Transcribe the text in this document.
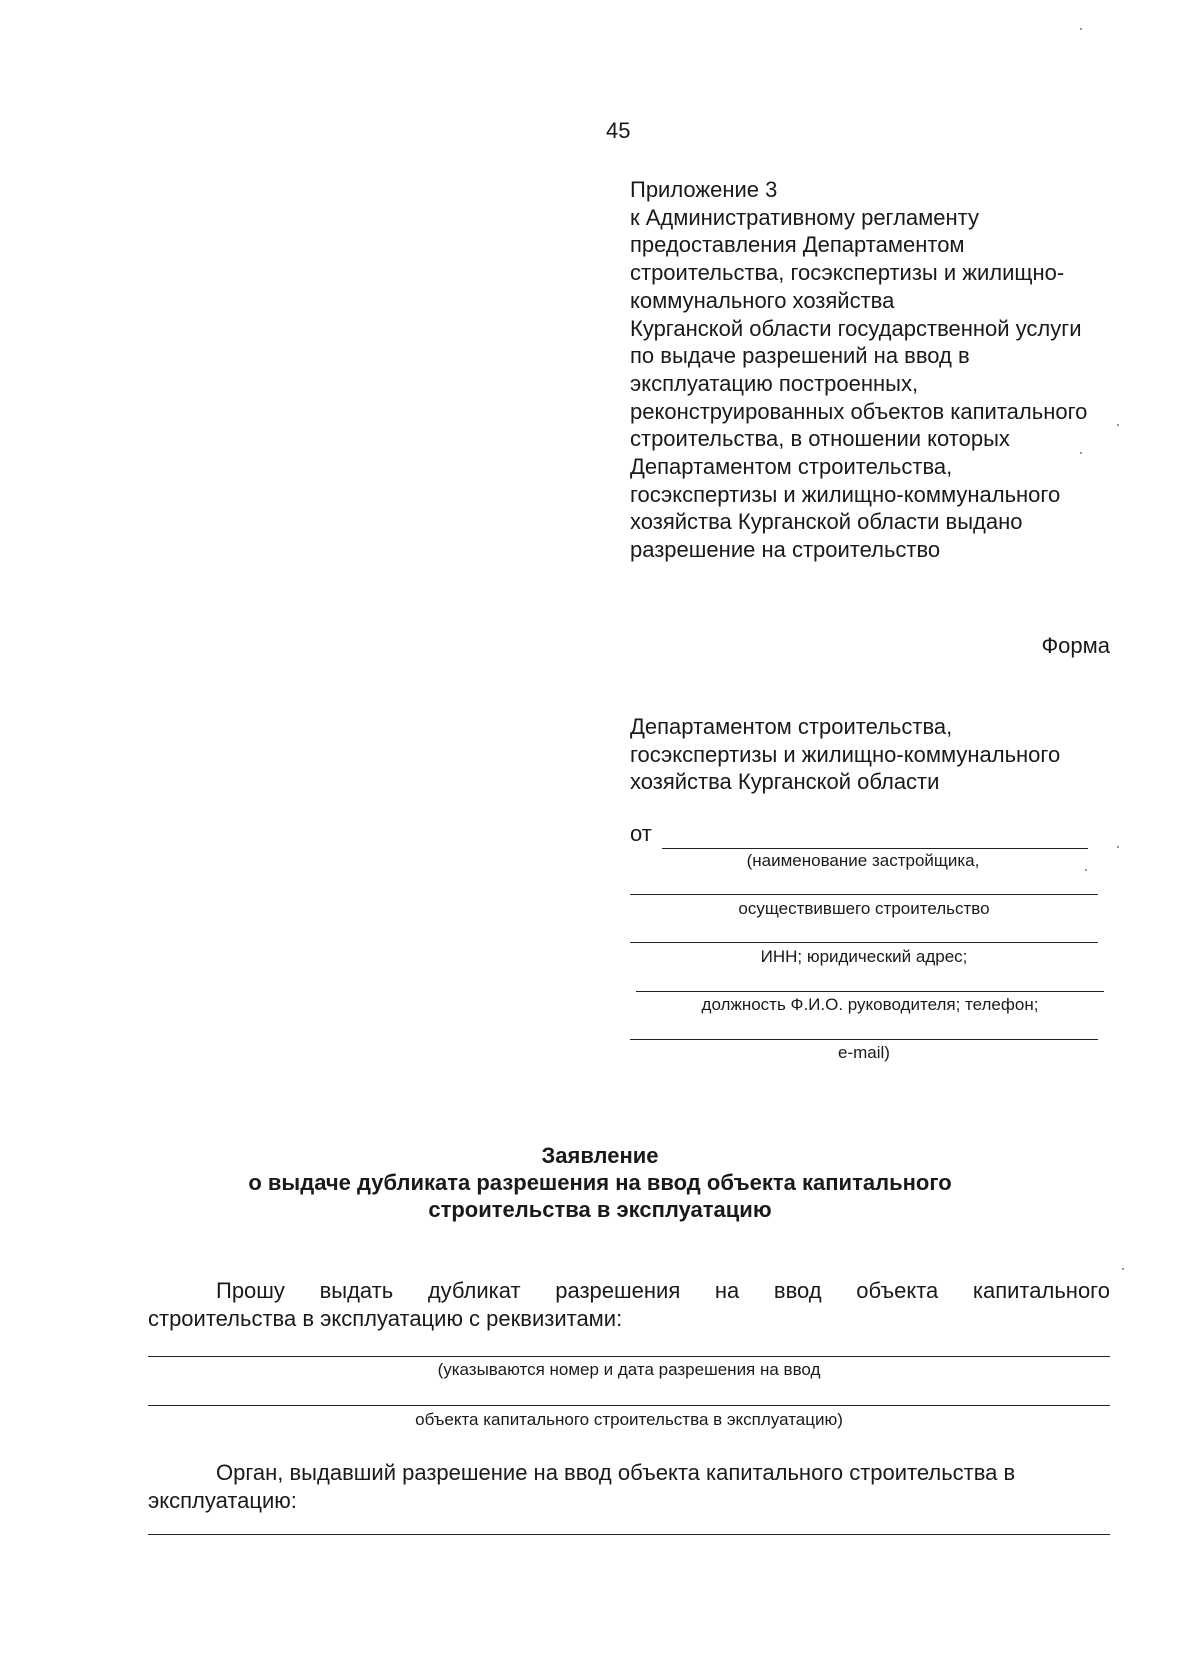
45
Приложение 3
к Административному регламенту
предоставления Департаментом
строительства, госэкспертизы и жилищно-
коммунального хозяйства
Курганской области государственной услуги
по выдаче разрешений на ввод в
эксплуатацию построенных,
реконструированных объектов капитального
строительства, в отношении которых
Департаментом строительства,
госэкспертизы и жилищно-коммунального
хозяйства Курганской области выдано
разрешение на строительство
Форма
Департаментом строительства,
госэкспертизы и жилищно-коммунального
хозяйства Курганской области
от
(наименование застройщика,
осуществившего строительство
ИНН; юридический адрес;
должность Ф.И.О. руководителя; телефон;
e-mail)
Заявление
о выдаче дубликата разрешения на ввод объекта капитального
строительства в эксплуатацию
Прошу выдать дубликат разрешения на ввод объекта капитального
строительства в эксплуатацию с реквизитами:
(указываются номер и дата разрешения на ввод
объекта капитального строительства в эксплуатацию)
Орган, выдавший разрешение на ввод объекта капитального строительства в
эксплуатацию:
